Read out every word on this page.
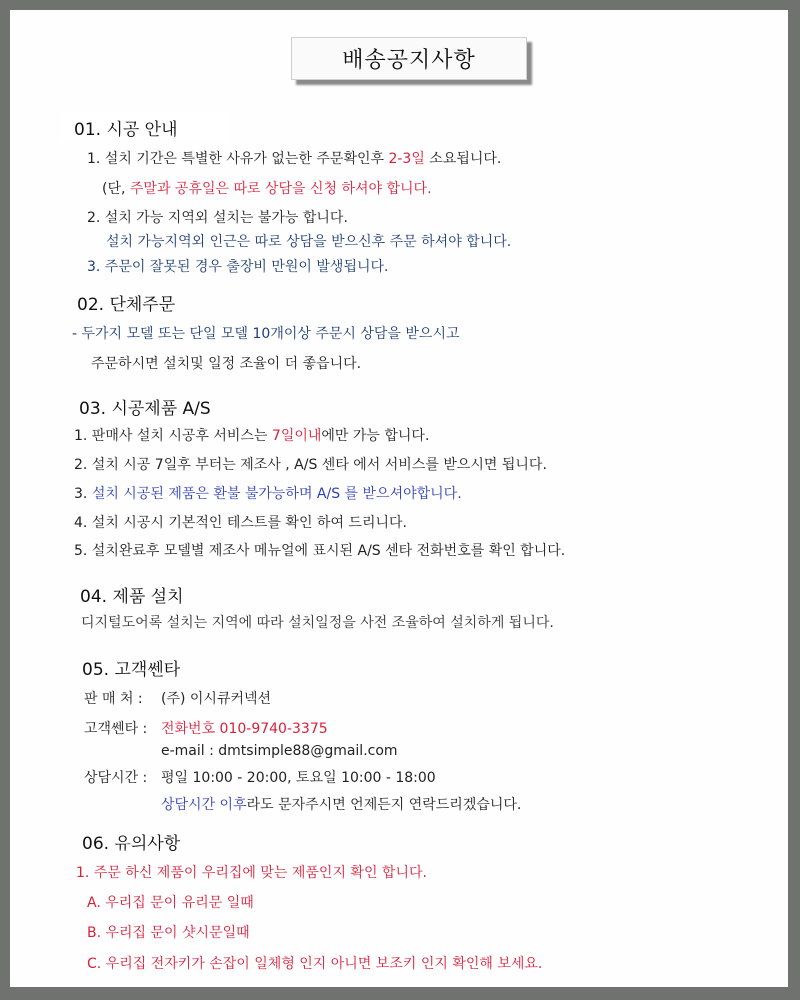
배송공지사항
01. 시공 안내
1. 설치 기간은 특별한 사유가 없는한 주문확인후 2-3일 소요됩니다.
(단, 주말과 공휴일은 따로 상담을 신청 하셔야 합니다.
2. 설치 가능 지역외 설치는 불가능 합니다.
설치 가능지역외 인근은 따로 상담을 받으신후 주문 하셔야 합니다.
3. 주문이 잘못된 경우 출장비 만원이 발생됩니다.
02. 단체주문
- 두가지 모델 또는 단일 모델 10개이상 주문시 상담을 받으시고
주문하시면 설치및 일정 조율이 더 좋읍니다.
03. 시공제품 A/S
1. 판매사 설치 시공후 서비스는 7일이내에만 가능 합니다.
2. 설치 시공 7일후 부터는 제조사 , A/S 센타 에서 서비스를 받으시면 됩니다.
3. 설치 시공된 제품은 환불 불가능하며 A/S 를 받으셔야합니다.
4. 설치 시공시 기본적인 테스트를 확인 하여 드리니다.
5. 설치완료후 모델별 제조사 메뉴얼에 표시된 A/S 센타 전화번호를 확인 합니다.
04. 제품 설치
디지털도어록 설치는 지역에 따라 설치일정을 사전 조율하여 설치하게 됩니다.
05. 고객쎈타
판 매 처 : (주) 이시큐커넥션
고객쎈타 : 전화번호 010-9740-3375
e-mail : dmtsimple88@gmail.com
상담시간 : 평일 10:00 - 20:00, 토요일 10:00 - 18:00
상담시간 이후라도 문자주시면 언제든지 연락드리겠습니다.
06. 유의사항
1. 주문 하신 제품이 우리집에 맞는 제품인지 확인 합니다.
A. 우리집 문이 유리문 일때
B. 우리집 문이 샷시문일때
C. 우리집 전자키가 손잡이 일체형 인지 아니면 보조키 인지 확인해 보세요.
